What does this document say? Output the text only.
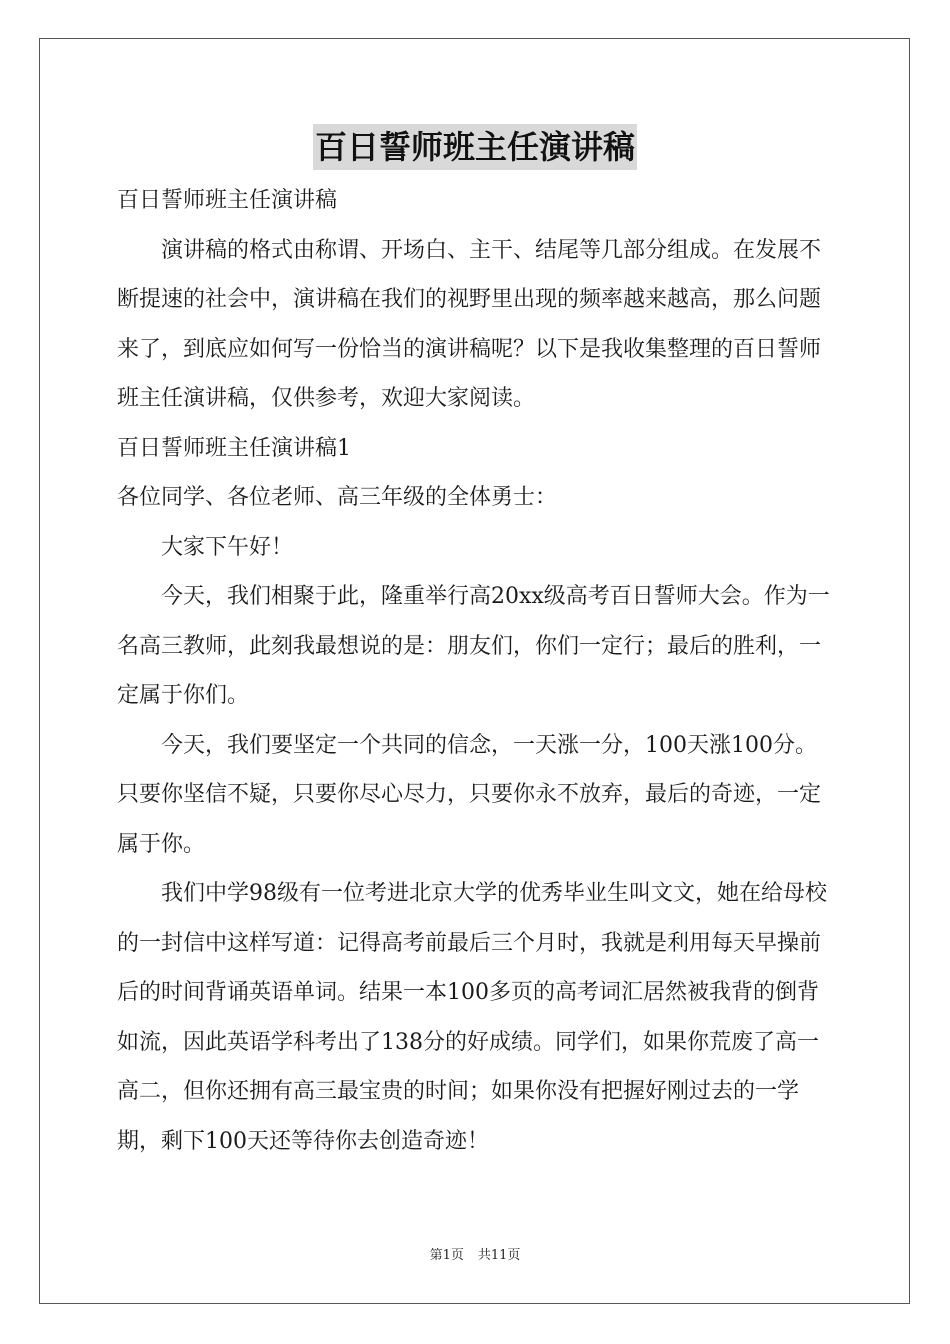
百日誓师班主任演讲稿

百日誓师班主任演讲稿

演讲稿的格式由称谓、开场白、主干、结尾等几部分组成。在发展不断提速的社会中，演讲稿在我们的视野里出现的频率越来越高，那么问题来了，到底应如何写一份恰当的演讲稿呢？以下是我收集整理的百日誓师班主任演讲稿，仅供参考，欢迎大家阅读。

百日誓师班主任演讲稿1

各位同学、各位老师、高三年级的全体勇士：

大家下午好！

今天，我们相聚于此，隆重举行高20xx级高考百日誓师大会。作为一名高三教师，此刻我最想说的是：朋友们，你们一定行；最后的胜利，一定属于你们。

今天，我们要坚定一个共同的信念，一天涨一分，100天涨100分。只要你坚信不疑，只要你尽心尽力，只要你永不放弃，最后的奇迹，一定属于你。

我们中学98级有一位考进北京大学的优秀毕业生叫文文，她在给母校的一封信中这样写道：记得高考前最后三个月时，我就是利用每天早操前后的时间背诵英语单词。结果一本100多页的高考词汇居然被我背的倒背如流，因此英语学科考出了138分的好成绩。同学们，如果你荒废了高一高二，但你还拥有高三最宝贵的时间；如果你没有把握好刚过去的一学期，剩下100天还等待你去创造奇迹！

第1页 共11页
